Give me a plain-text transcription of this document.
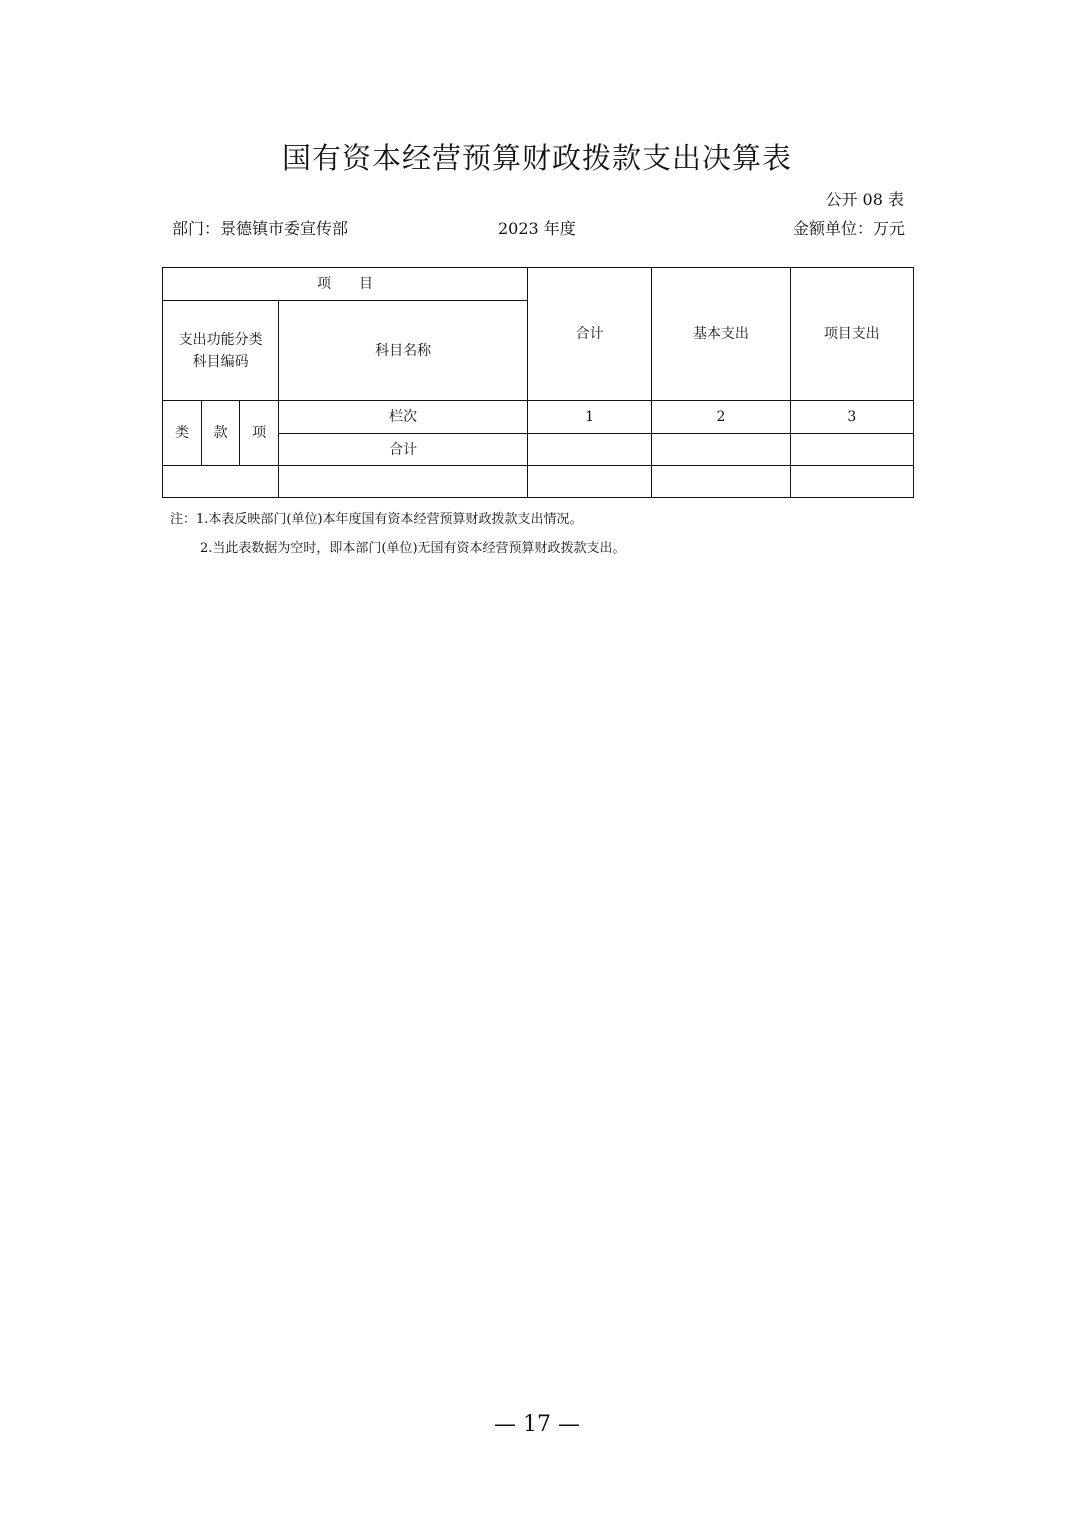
国有资本经营预算财政拨款支出决算表
公开 08 表
部门：景德镇市委宣传部	2023 年度	金额单位：万元
项　　目				合计	基本支出	项目支出

支出功能分类
科目编码			科目名称			
类	款	项	栏次	1	2	3
			合计			

注：1.本表反映部门(单位)本年度国有资本经营预算财政拨款支出情况。
2.当此表数据为空时，即本部门(单位)无国有资本经营预算财政拨款支出。
— 17 —
